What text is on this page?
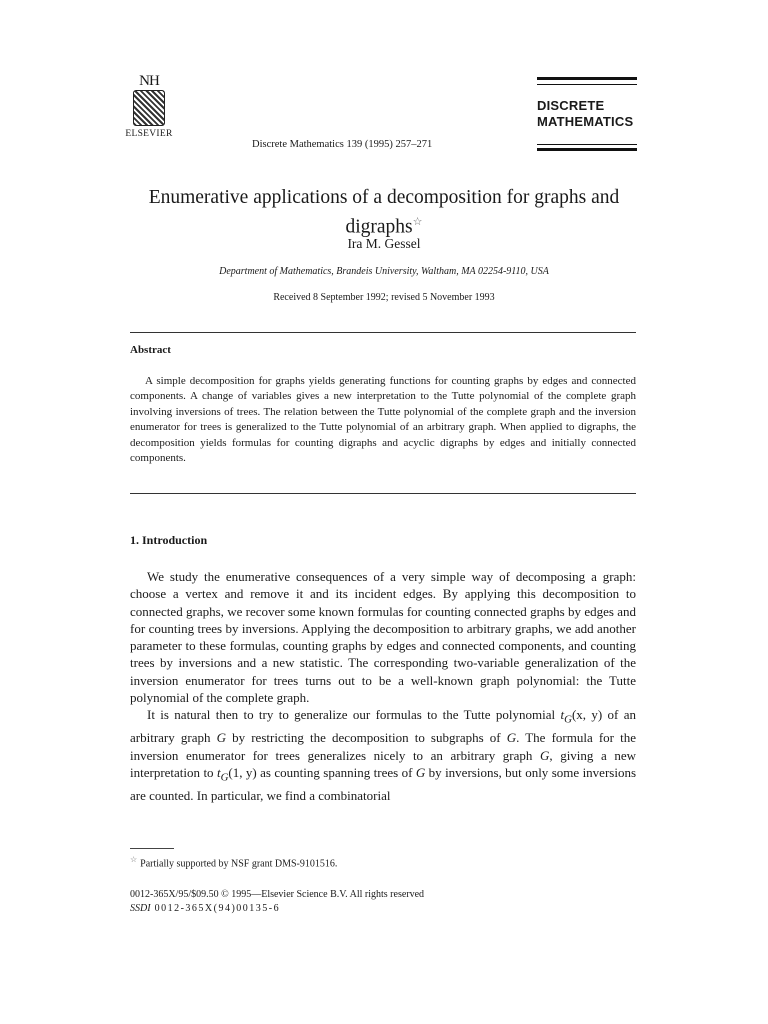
NH
ELSEVIER
Discrete Mathematics 139 (1995) 257–271
DISCRETE
MATHEMATICS
Enumerative applications of a decomposition for graphs and digraphs☆
Ira M. Gessel
Department of Mathematics, Brandeis University, Waltham, MA 02254-9110, USA
Received 8 September 1992; revised 5 November 1993
Abstract
A simple decomposition for graphs yields generating functions for counting graphs by edges and connected components. A change of variables gives a new interpretation to the Tutte polynomial of the complete graph involving inversions of trees. The relation between the Tutte polynomial of the complete graph and the inversion enumerator for trees is generalized to the Tutte polynomial of an arbitrary graph. When applied to digraphs, the decomposition yields formulas for counting digraphs and acyclic digraphs by edges and initially connected components.
1. Introduction

We study the enumerative consequences of a very simple way of decomposing a graph: choose a vertex and remove it and its incident edges. By applying this decomposition to connected graphs, we recover some known formulas for counting connected graphs by edges and for counting trees by inversions. Applying the decomposition to arbitrary graphs, we add another parameter to these formulas, counting graphs by edges and connected components, and counting trees by inversions and a new statistic. The corresponding two-variable generalization of the inversion enumerator for trees turns out to be a well-known graph polynomial: the Tutte polynomial of the complete graph.

It is natural then to try to generalize our formulas to the Tutte polynomial $t_G(x$, y) of an arbitrary graph G by restricting the decomposition to subgraphs of G. The formula for the inversion enumerator for trees generalizes nicely to an arbitrary graph G, giving a new interpretation to $t_G(1$, y) as counting spanning trees of G by inversions, but only some inversions are counted. In particular, we find a combinatorial

☆ Partially supported by NSF grant DMS-9101516.
0012-365X/95/$09.50 © 1995—Elsevier Science B.V. All rights reserved
SSDI 0012-365X(94)00135-6
